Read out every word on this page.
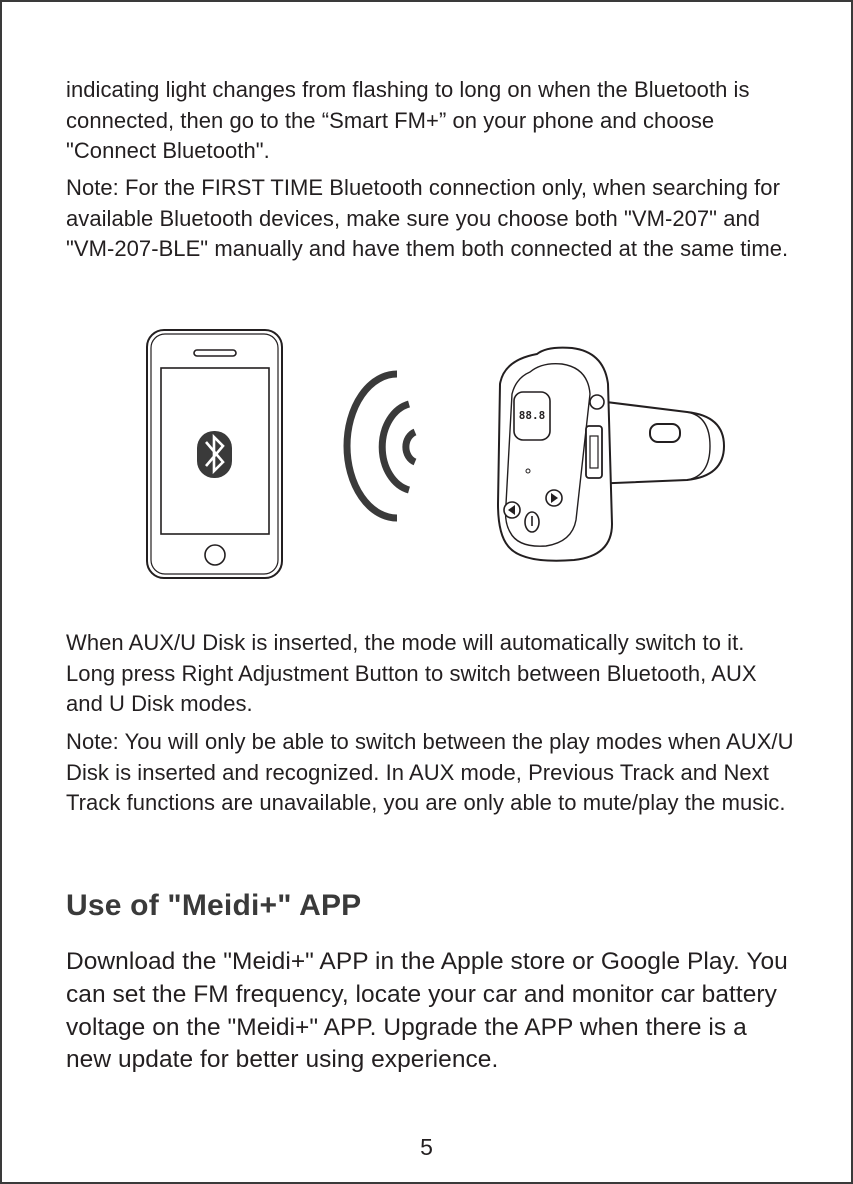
indicating light changes from flashing to long on when the Bluetooth is connected, then go to the “Smart FM+” on your phone and choose "Connect Bluetooth".

Note: For the FIRST TIME Bluetooth connection only, when searching for available Bluetooth devices, make sure you choose both "VM-207" and "VM-207-BLE" manually and have them both connected at the same time.

88.8

When AUX/U Disk is inserted, the mode will automatically switch to it. Long press Right Adjustment Button to switch between Bluetooth, AUX and U Disk modes.

Note: You will only be able to switch between the play modes when AUX/U Disk is inserted and recognized. In AUX mode, Previous Track and Next Track functions are unavailable, you are only able to mute/play the music.

Use of "Meidi+" APP

Download the "Meidi+" APP in the Apple store or Google Play. You can set the FM frequency, locate your car and monitor car battery voltage on the "Meidi+" APP. Upgrade the APP when there is a new update for better using experience.

5
